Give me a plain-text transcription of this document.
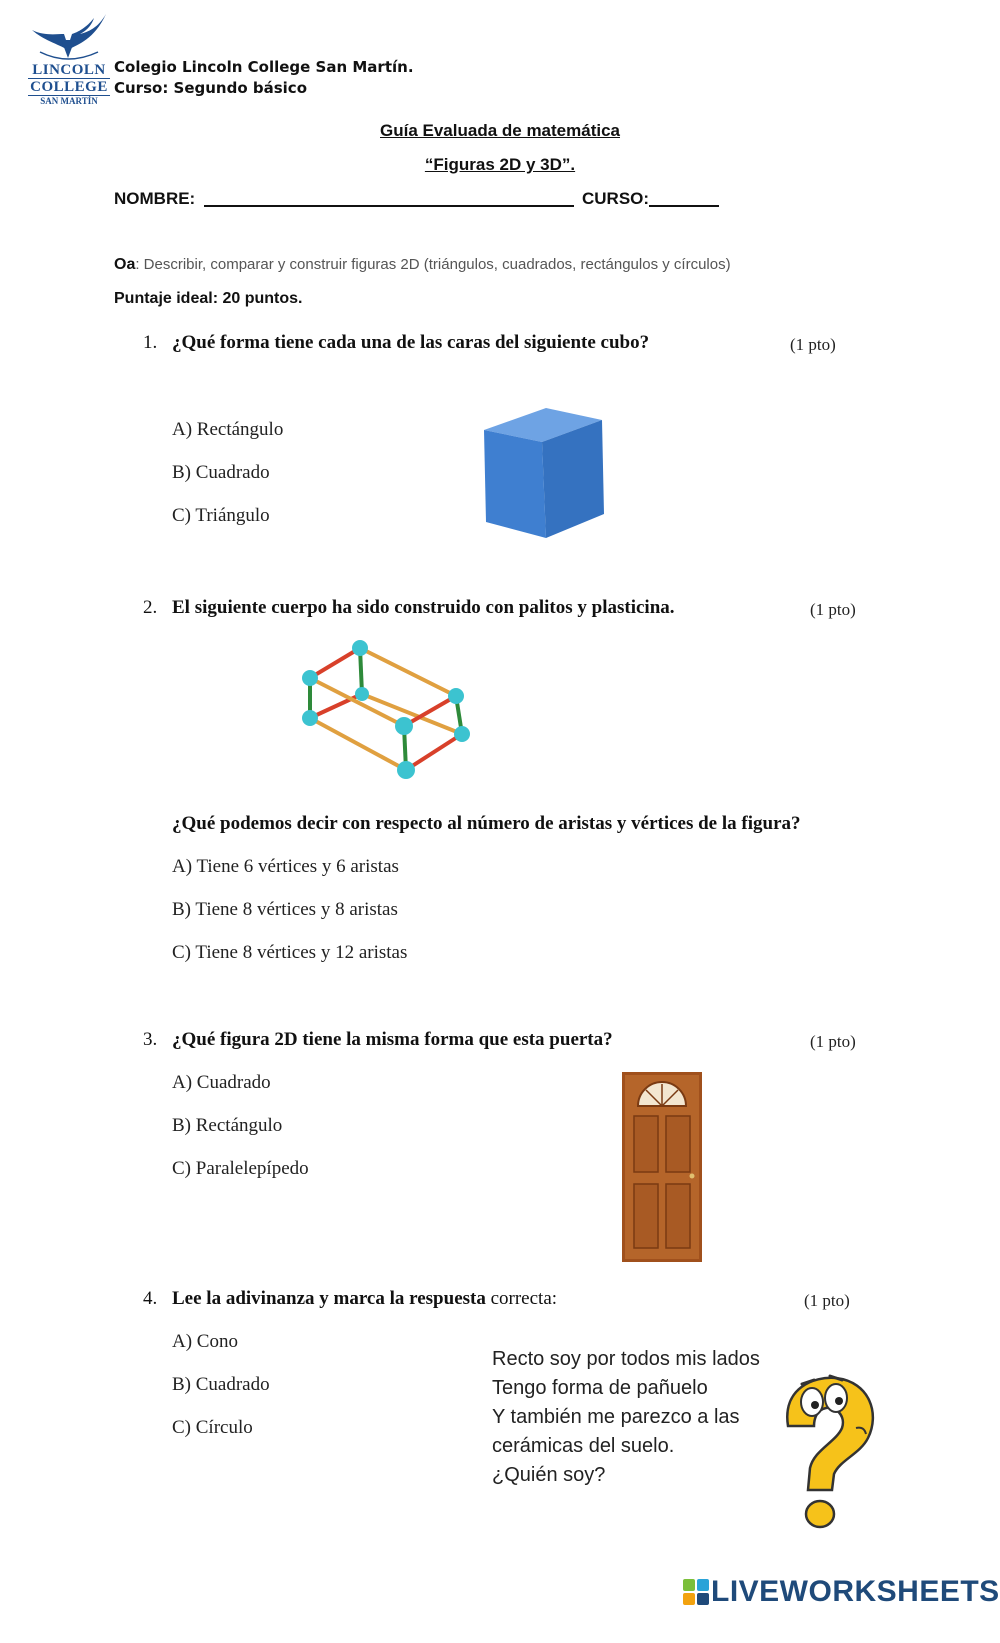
LINCOLN
COLLEGE
SAN MARTÍN
Colegio Lincoln College San Martín.
Curso: Segundo básico
Guía Evaluada de matemática
“Figuras 2D y 3D”.
NOMBRE:	CURSO:
Oa: Describir, comparar y construir figuras 2D (triángulos, cuadrados, rectángulos y círculos)
Puntaje ideal: 20 puntos.
1. ¿Qué forma tiene cada una de las caras del siguiente cubo?	(1 pto)
A) Rectángulo
B) Cuadrado
C) Triángulo
2. El siguiente cuerpo ha sido construido con palitos y plasticina.	(1 pto)
¿Qué podemos decir con respecto al número de aristas y vértices de la figura?
A) Tiene 6 vértices y 6 aristas
B) Tiene 8 vértices y 8 aristas
C) Tiene 8 vértices y 12 aristas
3. ¿Qué figura 2D tiene la misma forma que esta puerta?	(1 pto)
A) Cuadrado
B) Rectángulo
C) Paralelepípedo
4. Lee la adivinanza y marca la respuesta correcta:	(1 pto)
A) Cono
B) Cuadrado
C) Círculo
Recto soy por todos mis lados
Tengo forma de pañuelo
Y también me parezco a las
cerámicas del suelo.
¿Quién soy?
LIVEWORKSHEETS
